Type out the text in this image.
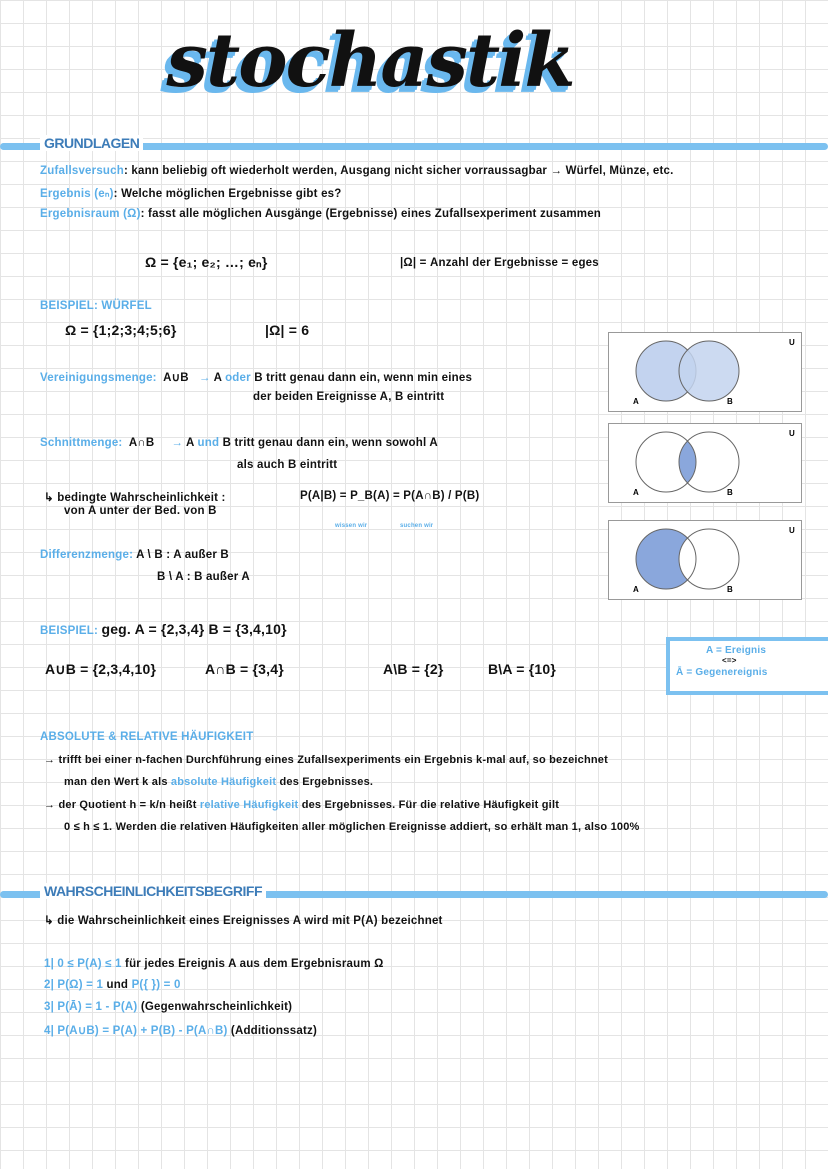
stochastik
GRUNDLAGEN
Zufallsversuch: kann beliebig oft wiederholt werden, Ausgang nicht sicher vorraussagbar → Würfel, Münze, etc.
Ergebnis (eₙ): Welche möglichen Ergebnisse gibt es?
Ergebnisraum (Ω): fasst alle möglichen Ausgänge (Ergebnisse) eines Zufallsexperiment zusammen
Ω = {e₁; e₂; …; eₙ}	|Ω| = Anzahl der Ergebnisse = eges
BEISPIEL: WÜRFEL
Ω = {1;2;3;4;5;6}	|Ω| = 6
Vereinigungsmenge: A∪B → A oder B tritt genau dann ein, wenn min eines
der beiden Ereignisse A, B eintritt
Schnittmenge: A∩B → A und B tritt genau dann ein, wenn sowohl A
als auch B eintritt
↳ bedingte Wahrscheinlichkeit :
von A unter der Bed. von B
P(A|B) = P_B(A) = P(A∩B) / P(B)
wissen wir	suchen wir
Differenzmenge: A \ B : A außer B
B \ A : B außer A
U
A	B
U
A	B
U
A	B
BEISPIEL: geg. A = {2,3,4} B = {3,4,10}
A∪B = {2,3,4,10}	A∩B = {3,4}	A\B = {2}	B\A = {10}
A = Ereignis
<=>
Ā = Gegenereignis
ABSOLUTE & RELATIVE HÄUFIGKEIT
→ trifft bei einer n-fachen Durchführung eines Zufallsexperiments ein Ergebnis k-mal auf, so bezeichnet
man den Wert k als absolute Häufigkeit des Ergebnisses.
→ der Quotient h = k/n heißt relative Häufigkeit des Ergebnisses. Für die relative Häufigkeit gilt
0 ≤ h ≤ 1. Werden die relativen Häufigkeiten aller möglichen Ereignisse addiert, so erhält man 1, also 100%
WAHRSCHEINLICHKEITSBEGRIFF
↳ die Wahrscheinlichkeit eines Ereignisses A wird mit P(A) bezeichnet
1| 0 ≤ P(A) ≤ 1 für jedes Ereignis A aus dem Ergebnisraum Ω
2| P(Ω) = 1 und P({ }) = 0
3| P(Ā) = 1 - P(A) (Gegenwahrscheinlichkeit)
4| P(A∪B) = P(A) + P(B) - P(A∩B) (Additionssatz)
